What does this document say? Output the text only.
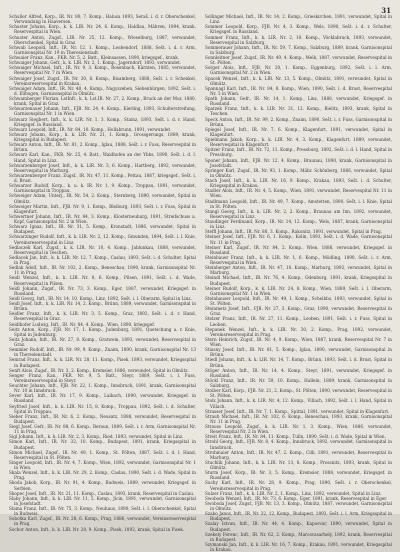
31

Schuller Alfred, Korp., IR. Nr. 80, 7. Komp., Halusa 1893, Seraš. i. d. r. Oberschenkel, Verwundung in Haaversen.

Schuster Johann, Korp., k. k. LIR. Nr. 24, 6. Komp., Haldlau, Mähren, 1894, krank, Reservespital in Wien.

Schuster Anton, Zugsf., LIR. Nr. 25, 12. Komp., Wieselburg, 1887, verwundet, Oberschenkel, Spital in Graz.

Schwab Leopold, Inft., IR. Nr. 12, 1. Komp., Leobendorf, 1888, Sešt. i. d. r. Arm, Garnisonspital Nr. 19 in Theresienstadt.

Schwaier Franz, Kan., FKR. Nr. 5, 2. Batt., Kleinsassen, 1890, kriegsgef., krank.

Schwaiger Johann, Gefr., k. k. LIR. Nr. 2, 1. Komp., Jagerndorf, 1893, verwundet.

Schwaiger Michael, Inft., IR. Nr. 9, 3. Komp., Rosenbach, Kärnten, 1885, verwundet, Reservespital Nr. 7 in Wien.

Schwaiger Josef, Zugsf., IR. Nr. 30, 8. Komp., Bisamberg, 1888, Sešt. i. r. Schenkel, Vereinsreservespital in Krakau.

Schwaiger Adam, Inft., IR. Nr. 48, 4. Komp., Nagyszeben, Siebenbürgen, 1892, Sešt. i. d. Ellbogen, Garnisonspital in Olmütz.

Schwamberger Florian, LstInft., k. k. Lst.IR. Nr. 27, 2. Komp., Bruck an der Mur, 1880, krank, Spital in Graz.

Schwarzenauer Johann, Inft., FJB. Nr. 24, 4. Komp., Kierling, 1893, Schulterstreifung, Garnisonspital Nr. 1 in Wien.

Schwarz Siegbert, Inft., k. k. LIR. Nr. 1, 3. Komp., Stainz, 1893, Sešt. i. d. r. Hand, Kriegsgef. in Russland.

Schwarz Leopold, Inft., IR. Nr. 84, 10. Komp., Hollabrunn, 1891, verwundet.

Schwarz Johann, Korp., k. k. LIR. Nr. 21, 1. Komp., Grossgerungs, 1889, krank, Kriegsspital in Budapest.

Schwarz Anton, Inft., IR. Nr. 81, 2. Komp., Iglau, 1888, Sešt. i. r. Fuss, Reservespital in Brünn.

Schwarz Karl, Kan., FKR. Nr. 25, 4. Batt., Waidhofen an der Ybbs, 1890, Sešt. i. d. l. Hand, Spital in Linz.

Schwarzenberger Josef, Inft., k. k. LIR. Nr. 3, 6. Komp., Hartberg, 1892, verwundet, Reservespital in Marburg.

Schwarzenberger Franz, Zugsf., IR. Nr. 47, 11. Komp., Pettau, 1887, kriegsgef., Sešt. i. d. Brust.

Schwarzer Rudolf, Korp., k. u. k. IR. Nr. 1, 9. Komp., Troppau, 1891, verwundet, Garnisonspital in Troppau.

Schweiger Adam, Unterj., IR. Nr. 54, 2. Komp., Sternberg, 1890, verwundet, Spital in Olmütz.

Schweiger Martin, Inft., FJB. Nr. 9, 1. Komp., Bleiburg, 1893, Sešt. i. r. Fuss, Spital in Klagenfurt.

Schwertner Johann, Inft., IR. Nr. 84, 3. Komp., Klosterneuburg, 1891, Streifschuss a. Kopf, Garnisonspital Nr. 2 in Wien.

Schwarz Ignaz, Inft., IR. Nr. 31, 5. Komp., Kronstadt, 1886, verwundet, Spital in Budapest.

Schwarzinger Rudolf, Inft., k. k. LIR. Nr. 2, 12. Komp., Gmunden, 1894, Sešt. i. l. Knie, Vereinsreservespital in Linz.

Sedlaczek Karl, Zugsf., k. k. LIR. Nr. 10, 4. Komp., Jablunkau, 1888, verwundet, Reservespital in Teschen.

Sedlacek Jan, Inft., k. k. LIR. Nr. 12, 7. Komp., Caslau, 1893, Sešt. i. d. Schulter, Spital in Prag.

Sedlak Adolf, Inft., IR. Nr. 102, 2. Komp., Beneschau, 1890, krank, Garnisonspital Nr. 11 in Prag.

Seidl Wenzel, Inft., k. k. LIR. Nr. 8, 6. Komp., Pilsen, 1891, Sešt. i. d. Wade, Reservespital in Pilsen.

Seidl Johann, Zugsf., IR. Nr. 73, 3. Komp., Eger, 1887, verwundet, Kriegsgef. in Russland.

Seidl Georg, Inft., IR. Nr. 14, 10. Komp., Linz, 1892, Sešt. i. l. Oberarm, Spital in Linz.

Seidl Josef, Inft., k. k. LIR. Nr. 14, 2. Komp., Brünn, 1889, verwundet, Garnisonspital in Brünn.

Seidler Franz, Inft., k. k. LIR. Nr. 3, 5. Komp., Graz, 1892, Sešt. i. d. r. Hand, Reservespital in Graz.

Seidlhofer Ludwig, Inft., IR. Nr. 84, 4. Komp., Wien, 1890, kriegsgef.

Seitz Anton, Korp., FJB. Nr. 17, 1. Komp., Judenburg, 1891, Quetschung a. r. Knie, Spital in Judenburg.

Seitz Johann, Inft., IR. Nr. 27, 8. Komp., Gratwein, 1893, verwundet, Reservespital in Graz.

Semmler Rudolf, Inft., IR. Nr. 99, 9. Komp., Znaim, 1890, krank, Garnisonspital Nr. 13 in Theresienstadt.

Semrad Franz, Inft., k. k. LIR. Nr. 28, 11. Komp., Pisek, 1893, verwundet, Kriegsspital in Budapest.

Senft Alois, Zugsf., IR. Nr. 3, 2. Komp., Kremsier, 1886, verwundet, Spital in Olmütz.

Senger Franz, Kan., FKR. Nr. 9, 5. Batt., Steyr, 1889, Sešt. i. l. Fuss, Vereinsreservespital in Steyr.

Seuchter Johann, Inft., FJB. Nr. 22, 1. Komp., Innsbruck, 1891, krank, Garnisonspital Nr. 10 in Innsbruck.

Sever Karl, Inft., IR. Nr. 17, 9. Komp., Laibach, 1890, verwundet, Kriegsgef. in Russland.

Seyfried Josef, Inft., k. k. LIR. Nr. 15, 8. Komp., Troppau, 1892, Sešt. i. d. Schulter, Spital in Troppau.

Sieber Franz, Inft., IR. Nr. 6, 2. Komp., Neusatz, 1888, verwundet, Reservespital in Budapest.

Siegl Josef, Gefr., IR. Nr. 88, 6. Komp., Beraun, 1889, Sešt. i. r. Arm, Garnisonspital Nr. 11 in Prag.

Sigl Johann, Inft., k. k. LIR. Nr. 2, 3. Komp., Ried, 1893, verwundet, Spital in Linz.

Simon Karl, Inft., IR. Nr. 32, 10. Komp., Budapest, 1891, krank, Kriegsspital in Budapest.

Simon Michael, Zugsf., IR. Nr. 49, 1. Komp., St. Pölten, 1887, Sešt. i. d. l. Hand, Reservespital in St. Pölten.

Singer Leopold, Inft., IR. Nr. 4, 7. Komp., Wien, 1892, verwundet, Garnisonspital Nr. 1 in Wien.

Skala Wenzel, Inft., k. k. LIR. Nr. 29, 2. Komp., Caslau, 1890, Sešt. i. d. Wade, Spital in Prag.

Skoda Jakob, Korp., IR. Nr. 91, 4. Komp., Budweis, 1889, verwundet, Kriegsgef. in Serbien.

Skopec Josef, Inft., IR. Nr. 21, 11. Komp., Caslau, 1893, krank, Reservespital in Caslau.

Slaby Johann, Inft., k. k. LIR. Nr. 11, 5. Komp., Jicin, 1891, verwundet, Garnisonspital in Josefstadt.

Slama Franz, Inft., IR. Nr. 75, 3. Komp., Neuhaus, 1890, Sešt. i. l. Oberschenkel, Spital in Budweis.

Sobotka Karl, Zugsf., IR. Nr. 28, 6. Komp., Prag, 1886, verwundet, Vereinsreservespital in Prag.

Sochor Anton, Inft., k. k. LIR. Nr. 28, 9. Komp., Pisek, 1892, krank, Spital in Pisek.

Sollinger Michael, Inft., IR. Nr. 14, 2. Komp., Grieskirchen, 1891, verwundet, Spital in Linz.

Sommer Leopold, Korp., FJB. Nr. 4, 3. Komp., Wels, 1890, Sešt. i. d. r. Schulter, Kriegsgef. in Russland.

Sommer Franz, Inft., k. k. LIR. Nr. 2, 10. Komp., Vöcklabruck, 1893, verwundet, Reservespital in Salzburg.

Sommerauer Johann, Inft., IR. Nr. 59, 7. Komp., Salzburg, 1889, krank, Garnisonspital in Salzburg.

Sonnleitner Josef, Zugsf., IR. Nr. 49, 4. Komp., Melk, 1887, verwundet, Reservespital in St. Pölten.

Sorger Alois, Inft., FJB. Nr. 20, 1. Komp., Eggenburg, 1892, Sešt. i. l. Arm, Garnisonspital Nr. 2 in Wien.

Spacek Wenzel, Inft., k. k. LIR. Nr. 13, 5. Komp., Olmütz, 1891, verwundet, Spital in Olmütz.

Spannagl Karl, Inft., IR. Nr. 84, 8. Komp., Wien, 1890, Sešt. i. d. Brust, Reservespital Nr. 5 in Wien.

Spath Johann, Gefr., IR. Nr. 14, 1. Komp., Linz, 1888, verwundet, Kriegsgef. in Russland.

Spatzek Franz, Inft., k. k. LIR. Nr. 31, 12. Komp., Bielitz, 1893, krank, Spital in Teschen.

Speck Anton, Inft., IR. Nr. 99, 2. Komp., Znaim, 1890, Sešt. i. r. Fuss, Garnisonspital in Brünn.

Spiegel Josef, Inft., IR. Nr. 7, 6. Komp., Klagenfurt, 1891, verwundet, Spital in Klagenfurt.

Spielmann Jakob, Korp., k. k. LIR. Nr. 4, 3. Komp., Klagenfurt, 1889, verwundet, Reservespital in Klagenfurt.

Spitzer Franz, Inft., IR. Nr. 72, 11. Komp., Pressburg, 1892, Sešt. i. d. l. Hand, Spital in Pressburg.

Sponer Johann, Inft., FJB. Nr. 12, 4. Komp., Braunau, 1890, krank, Garnisonspital in Josefstadt.

Springer Karl, Zugsf., IR. Nr. 93, 1. Komp., Mähr. Schönberg, 1886, verwundet, Spital in Olmütz.

Stach Josef, Inft., k. k. LIR. Nr. 16, 9. Komp., Krakau, 1893, Sešt. i. d. Schulter, Kriegsspital in Krakau.

Stadler Alois, Inft., IR. Nr. 4, 5. Komp., Wien, 1891, verwundet, Reservespital Nr. 11 in Wien.

Stadlmann Leopold, Inft., IR. Nr. 49, 7. Komp., Amstetten, 1890, Sešt. i. l. Knie, Spital in St. Pölten.

Stangl Georg, Inft., k. k. LIR. Nr. 2, 2. Komp., Braunau am Inn, 1892, verwundet, Reservespital in Linz.

Staudinger Ferdinand, Korp., IR. Nr. 14, 12. Komp., Wels, 1887, krank, Garnisonspital in Linz.

Steffl Johann, Inft., IR. Nr. 88, 3. Komp., Rakonitz, 1891, verwundet, Spital in Prag.

Steiner Josef, Inft., FJB. Nr. 6, 1. Komp., Kolin, 1893, Sešt. i. d. Wade, Garnisonspital Nr. 11 in Prag.

Steiner Karl, Zugsf., IR. Nr. 84, 2. Komp., Wien, 1888, verwundet, Kriegsgef. in Russland.

Steinbauer Franz, Inft., k. k. LIR. Nr. 1, 6. Komp., Mödling, 1890, Sešt. i. r. Arm, Reservespital in Wien.

Steinberger Anton, Inft., IR. Nr. 47, 10. Komp., Marburg, 1892, verwundet, Spital in Marburg.

Steindl Michael, Inft., IR. Nr. 76, 4. Komp., Ödenburg, 1891, krank, Kriegsspital in Budapest.

Steiner Rudolf, Korp., k. k. LIR. Nr. 24, 8. Komp., Wien, 1889, Sešt. i. l. Oberarm, Garnisonspital Nr. 1 in Wien.

Steinhauser Leopold, Inft., IR. Nr. 49, 1. Komp., Scheibbs, 1893, verwundet, Spital in St. Pölten.

Steinmetz Josef, Inft., FJB. Nr. 27, 3. Komp., Graz, 1890, verwundet, Reservespital in Graz.

Stelzer Franz, Inft., IR. Nr. 27, 11. Komp., Leoben, 1891, Sešt. i. r. Fuss, Spital in Leoben.

Stepanek Wenzel, Inft., k. k. LIR. Nr. 30, 2. Komp., Prag, 1892, verwundet, Vereinsreservespital in Prag.

Stern Heinrich, Zugsf., IR. Nr. 4, 9. Komp., Wien, 1887, krank, Reservespital Nr. 7 in Wien.

Stiasny Josef, Inft., IR. Nr. 81, 5. Komp., Iglau, 1890, verwundet, Garnisonspital in Brünn.

Stiedl Johann, Inft., k. k. LIR. Nr. 14, 7. Komp., Brünn, 1893, Sešt. i. d. Brust, Spital in Brünn.

Stöger Anton, Inft., IR. Nr. 14, 4. Komp., Steyr, 1891, verwundet, Kriegsgef. in Russland.

Stöckl Franz, Inft., IR. Nr. 59, 10. Komp., Hallein, 1889, krank, Garnisonspital in Salzburg.

Stoiber Karl, Korp., FJB. Nr. 21, 2. Komp., St. Pölten, 1890, verwundet, Reservespital in St. Pölten.

Stolz Johann, Inft., k. k. LIR. Nr. 4, 12. Komp., Villach, 1892, Sešt. i. l. Hand, Spital in Villach.

Strasser Josef, Inft., IR. Nr. 7, 1. Komp., Spittal, 1891, verwundet, Spital in Klagenfurt.

Straub Michael, Inft., IR. Nr. 102, 6. Komp., Beneschau, 1893, krank, Garnisonspital Nr. 11 in Prag.

Strauss Leopold, Zugsf., k. k. LIR. Nr. 1, 3. Komp., Wien, 1886, verwundet, Reservespital Nr. 2 in Wien.

Streit Franz, Inft., IR. Nr. 84, 11. Komp., Tulln, 1890, Sešt. i. d. Wade, Spital in Wien.

Strobl Georg, Inft., FJB. Nr. 8, 4. Komp., Innsbruck, 1892, verwundet, Garnisonspital in Innsbruck.

Strohmaier Anton, Inft., IR. Nr. 47, 2. Komp., Cilli, 1891, verwundet, Reservespital in Marburg.

Stuchlik Johann, Inft., k. k. LIR. Nr. 13, 8. Komp., Prossnitz, 1893, krank, Spital in Olmütz.

Sturm Josef, Korp., IR. Nr. 3, 5. Komp., Kremsier, 1888, verwundet, Kriegsgef. in Russland.

Suchy Karl, Inft., IR. Nr. 28, 9. Komp., Prag, 1890, Sešt. i. r. Oberschenkel, Vereinsreservespital in Prag.

Sulzer Franz, Inft., k. k. LIR. Nr. 2, 1. Komp., Linz, 1892, verwundet, Spital in Linz.

Swoboda Wenzel, Inft., IR. Nr. 73, 6. Komp., Eger, 1891, krank, Reservespital in Eger.

Swoboda Josef, Zugsf., FJB. Nr. 13, 3. Komp., Olmütz, 1887, verwundet, Garnisonspital in Olmütz.

Szabo Janos, Inft., IR. Nr. 32, 12. Komp., Budapest, 1893, Sešt. i. l. Arm, Kriegsspital in Budapest.

Szalay Istvan, Inft., IR. Nr. 44, 4. Komp., Kaposvar, 1890, verwundet, Spital in Budapest.

Szekely Ferenc, Inft., IR. Nr. 62, 2. Komp., Marosvasarhely, 1892, krank, Reservespital in Budapest.

Szymanski Jan, Inft., k. k. LIR. Nr. 16, 7. Komp., Krakau, 1891, verwundet, Kriegsspital in Krakau.
